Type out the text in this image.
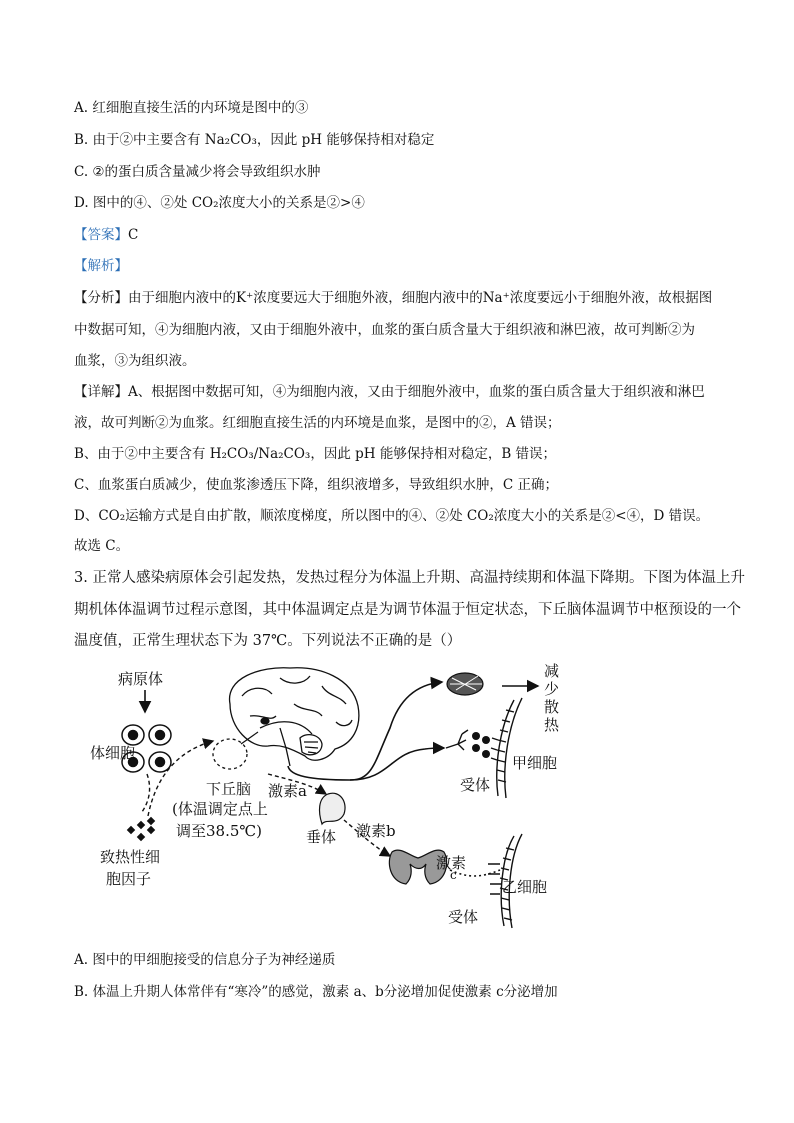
A. 红细胞直接生活的内环境是图中的③
B. 由于②中主要含有 Na₂CO₃，因此 pH 能够保持相对稳定
C. ②的蛋白质含量减少将会导致组织水肿
D. 图中的④、②处 CO₂浓度大小的关系是②>④
【答案】C
【解析】
【分析】由于细胞内液中的K⁺浓度要远大于细胞外液，细胞内液中的Na⁺浓度要远小于细胞外液，故根据图
中数据可知，④为细胞内液，又由于细胞外液中，血浆的蛋白质含量大于组织液和淋巴液，故可判断②为
血浆，③为组织液。
【详解】A、根据图中数据可知，④为细胞内液，又由于细胞外液中，血浆的蛋白质含量大于组织液和淋巴
液，故可判断②为血浆。红细胞直接生活的内环境是血浆，是图中的②，A 错误；
B、由于②中主要含有 H₂CO₃/Na₂CO₃，因此 pH 能够保持相对稳定，B 错误；
C、血浆蛋白质减少，使血浆渗透压下降，组织液增多，导致组织水肿，C 正确；
D、CO₂运输方式是自由扩散，顺浓度梯度，所以图中的④、②处 CO₂浓度大小的关系是②<④，D 错误。
故选 C。
3. 正常人感染病原体会引起发热，发热过程分为体温上升期、高温持续期和体温下降期。下图为体温上升
期机体体温调节过程示意图，其中体温调定点是为调节体温于恒定状态，下丘脑体温调节中枢预设的一个
温度值，正常生理状态下为 37℃。下列说法不正确的是（）
病原体
体细胞
致热性细
胞因子
下丘脑
(体温调定点上
调至38.5℃)
激素a
垂体 激素b
激素
c
减
少
散
热
受体
甲细胞
乙细胞
受体
A. 图中的甲细胞接受的信息分子为神经递质
B. 体温上升期人体常伴有“寒冷”的感觉，激素 a、b分泌增加促使激素 c分泌增加
